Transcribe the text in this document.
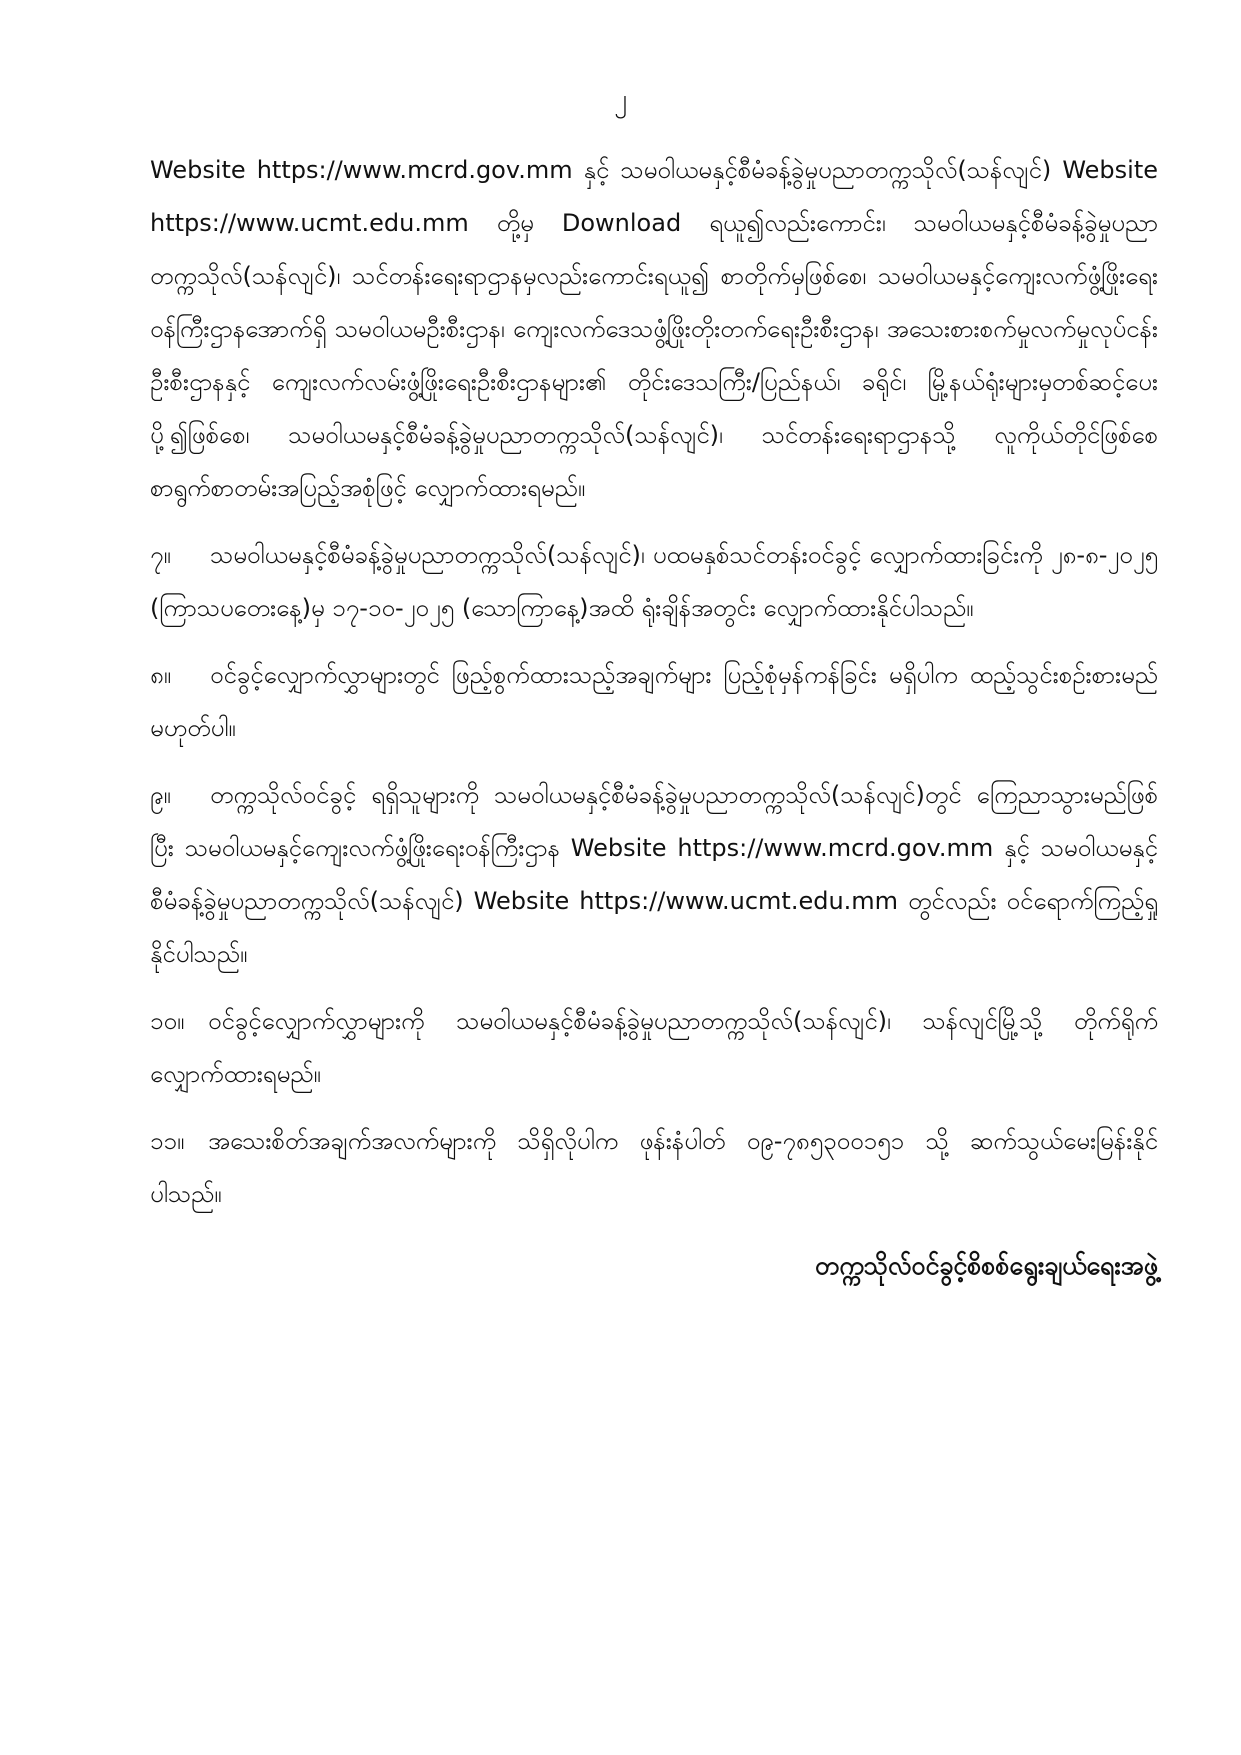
၂

Website https://www.mcrd.gov.mm နှင့် သမဝါယမနှင့်စီမံခန့်ခွဲမှုပညာတက္ကသိုလ်(သန်လျင်) Website https://www.ucmt.edu.mm တို့မှ Download ရယူ၍လည်းကောင်း၊ သမဝါယမနှင့်စီမံခန့်ခွဲမှုပညာတက္ကသိုလ်(သန်လျင်)၊ သင်တန်းရေးရာဌာနမှလည်းကောင်းရယူ၍ စာတိုက်မှဖြစ်စေ၊ သမဝါယမနှင့်ကျေးလက်ဖွံ့ဖြိုးရေးဝန်ကြီးဌာနအောက်ရှိ သမဝါယမဦးစီးဌာန၊ ကျေးလက်ဒေသဖွံ့ဖြိုးတိုးတက်ရေးဦးစီးဌာန၊ အသေးစားစက်မှုလက်မှုလုပ်ငန်းဦးစီးဌာနနှင့် ကျေးလက်လမ်းဖွံ့ဖြိုးရေးဦးစီးဌာနများ၏ တိုင်းဒေသကြီး/ပြည်နယ်၊ ခရိုင်၊ မြို့နယ်ရုံးများမှတစ်ဆင့်ပေးပို့၍ဖြစ်စေ၊ သမဝါယမနှင့်စီမံခန့်ခွဲမှုပညာတက္ကသိုလ်(သန်လျင်)၊ သင်တန်းရေးရာဌာနသို့ လူကိုယ်တိုင်ဖြစ်စေ စာရွက်စာတမ်းအပြည့်အစုံဖြင့် လျှောက်ထားရမည်။

၇။ သမဝါယမနှင့်စီမံခန့်ခွဲမှုပညာတက္ကသိုလ်(သန်လျင်)၊ ပထမနှစ်သင်တန်းဝင်ခွင့် လျှောက်ထားခြင်းကို ၂၈-၈-၂၀၂၅ (ကြာသပတေးနေ့)မှ ၁၇-၁၀-၂၀၂၅ (သောကြာနေ့)အထိ ရုံးချိန်အတွင်း လျှောက်ထားနိုင်ပါသည်။

၈။ ဝင်ခွင့်လျှောက်လွှာများတွင် ဖြည့်စွက်ထားသည့်အချက်များ ပြည့်စုံမှန်ကန်ခြင်း မရှိပါက ထည့်သွင်းစဉ်းစားမည်မဟုတ်ပါ။

၉။ တက္ကသိုလ်ဝင်ခွင့် ရရှိသူများကို သမဝါယမနှင့်စီမံခန့်ခွဲမှုပညာတက္ကသိုလ်(သန်လျင်)တွင် ကြေညာသွားမည်ဖြစ်ပြီး သမဝါယမနှင့်ကျေးလက်ဖွံ့ဖြိုးရေးဝန်ကြီးဌာန Website https://www.mcrd.gov.mm နှင့် သမဝါယမနှင့်စီမံခန့်ခွဲမှုပညာတက္ကသိုလ်(သန်လျင်) Website https://www.ucmt.edu.mm တွင်လည်း ဝင်ရောက်ကြည့်ရှုနိုင်ပါသည်။

၁၀။ ဝင်ခွင့်လျှောက်လွှာများကို သမဝါယမနှင့်စီမံခန့်ခွဲမှုပညာတက္ကသိုလ်(သန်လျင်)၊ သန်လျင်မြို့သို့ တိုက်ရိုက်လျှောက်ထားရမည်။

၁၁။ အသေးစိတ်အချက်အလက်များကို သိရှိလိုပါက ဖုန်းနံပါတ် ၀၉-၇၈၅၃၀၀၁၅၁ သို့ ဆက်သွယ်မေးမြန်းနိုင်ပါသည်။

တက္ကသိုလ်ဝင်ခွင့်စိစစ်ရွေးချယ်ရေးအဖွဲ့
